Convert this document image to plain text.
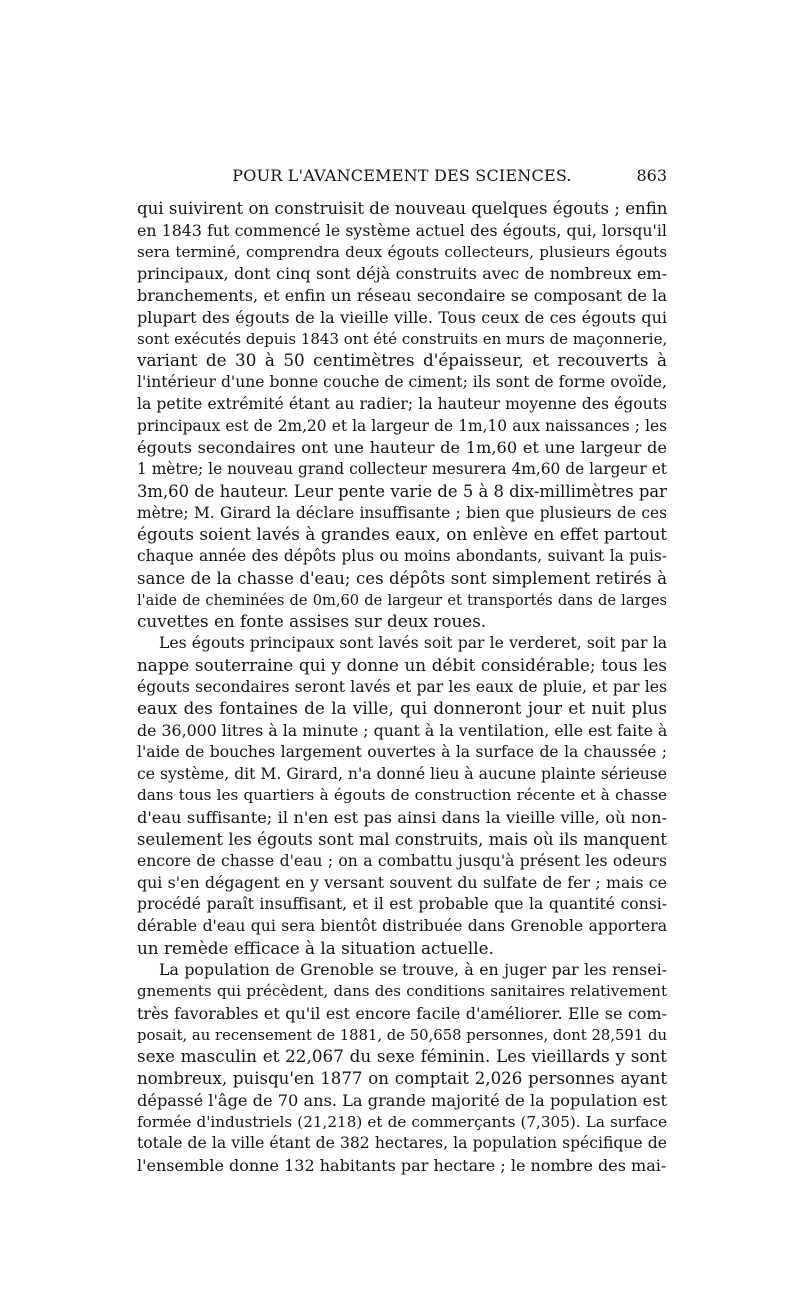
POUR L'AVANCEMENT DES SCIENCES.	863
qui suivirent on construisit de nouveau quelques égouts ; enfin
en 1843 fut commencé le système actuel des égouts, qui, lorsqu'il
sera terminé, comprendra deux égouts collecteurs, plusieurs égouts
principaux, dont cinq sont déjà construits avec de nombreux em-
branchements, et enfin un réseau secondaire se composant de la
plupart des égouts de la vieille ville. Tous ceux de ces égouts qui
sont exécutés depuis 1843 ont été construits en murs de maçonnerie,
variant de 30 à 50 centimètres d'épaisseur, et recouverts à
l'intérieur d'une bonne couche de ciment; ils sont de forme ovoïde,
la petite extrémité étant au radier; la hauteur moyenne des égouts
principaux est de 2m,20 et la largeur de 1m,10 aux naissances ; les
égouts secondaires ont une hauteur de 1m,60 et une largeur de
1 mètre; le nouveau grand collecteur mesurera 4m,60 de largeur et
3m,60 de hauteur. Leur pente varie de 5 à 8 dix-millimètres par
mètre; M. Girard la déclare insuffisante ; bien que plusieurs de ces
égouts soient lavés à grandes eaux, on enlève en effet partout
chaque année des dépôts plus ou moins abondants, suivant la puis-
sance de la chasse d'eau; ces dépôts sont simplement retirés à
l'aide de cheminées de 0m,60 de largeur et transportés dans de larges
cuvettes en fonte assises sur deux roues.
Les égouts principaux sont lavés soit par le verderet, soit par la
nappe souterraine qui y donne un débit considérable; tous les
égouts secondaires seront lavés et par les eaux de pluie, et par les
eaux des fontaines de la ville, qui donneront jour et nuit plus
de 36,000 litres à la minute ; quant à la ventilation, elle est faite à
l'aide de bouches largement ouvertes à la surface de la chaussée ;
ce système, dit M. Girard, n'a donné lieu à aucune plainte sérieuse
dans tous les quartiers à égouts de construction récente et à chasse
d'eau suffisante; il n'en est pas ainsi dans la vieille ville, où non-
seulement les égouts sont mal construits, mais où ils manquent
encore de chasse d'eau ; on a combattu jusqu'à présent les odeurs
qui s'en dégagent en y versant souvent du sulfate de fer ; mais ce
procédé paraît insuffisant, et il est probable que la quantité consi-
dérable d'eau qui sera bientôt distribuée dans Grenoble apportera
un remède efficace à la situation actuelle.
La population de Grenoble se trouve, à en juger par les rensei-
gnements qui précèdent, dans des conditions sanitaires relativement
très favorables et qu'il est encore facile d'améliorer. Elle se com-
posait, au recensement de 1881, de 50,658 personnes, dont 28,591 du
sexe masculin et 22,067 du sexe féminin. Les vieillards y sont
nombreux, puisqu'en 1877 on comptait 2,026 personnes ayant
dépassé l'âge de 70 ans. La grande majorité de la population est
formée d'industriels (21,218) et de commerçants (7,305). La surface
totale de la ville étant de 382 hectares, la population spécifique de
l'ensemble donne 132 habitants par hectare ; le nombre des mai-
